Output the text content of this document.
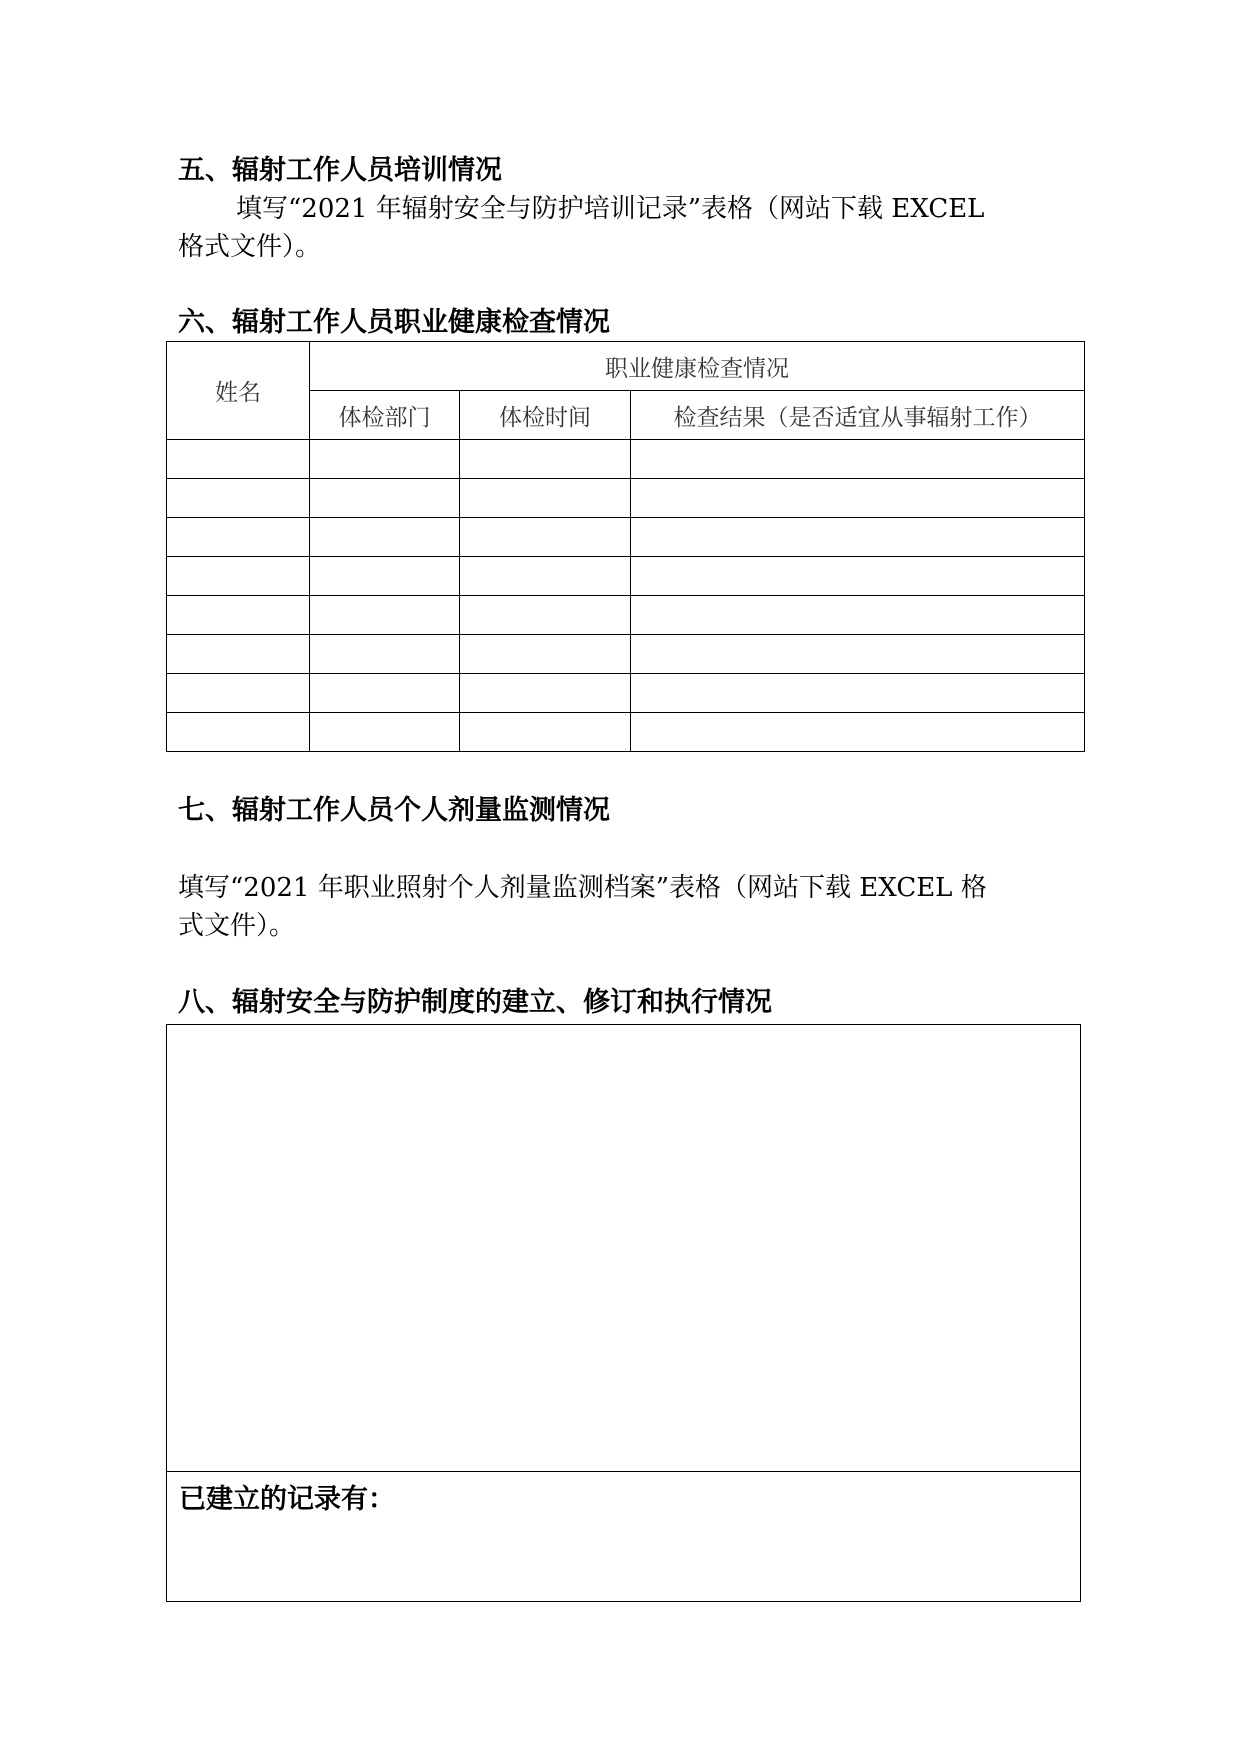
五、辐射工作人员培训情况
填写“2021 年辐射安全与防护培训记录”表格（网站下载 EXCEL
格式文件）。
六、辐射工作人员职业健康检查情况
姓名	职业健康检查情况		
	体检部门	体检时间	检查结果（是否适宜从事辐射工作）

七、辐射工作人员个人剂量监测情况
填写“2021 年职业照射个人剂量监测档案”表格（网站下载 EXCEL 格
式文件）。
八、辐射安全与防护制度的建立、修订和执行情况
已建立的记录有：
